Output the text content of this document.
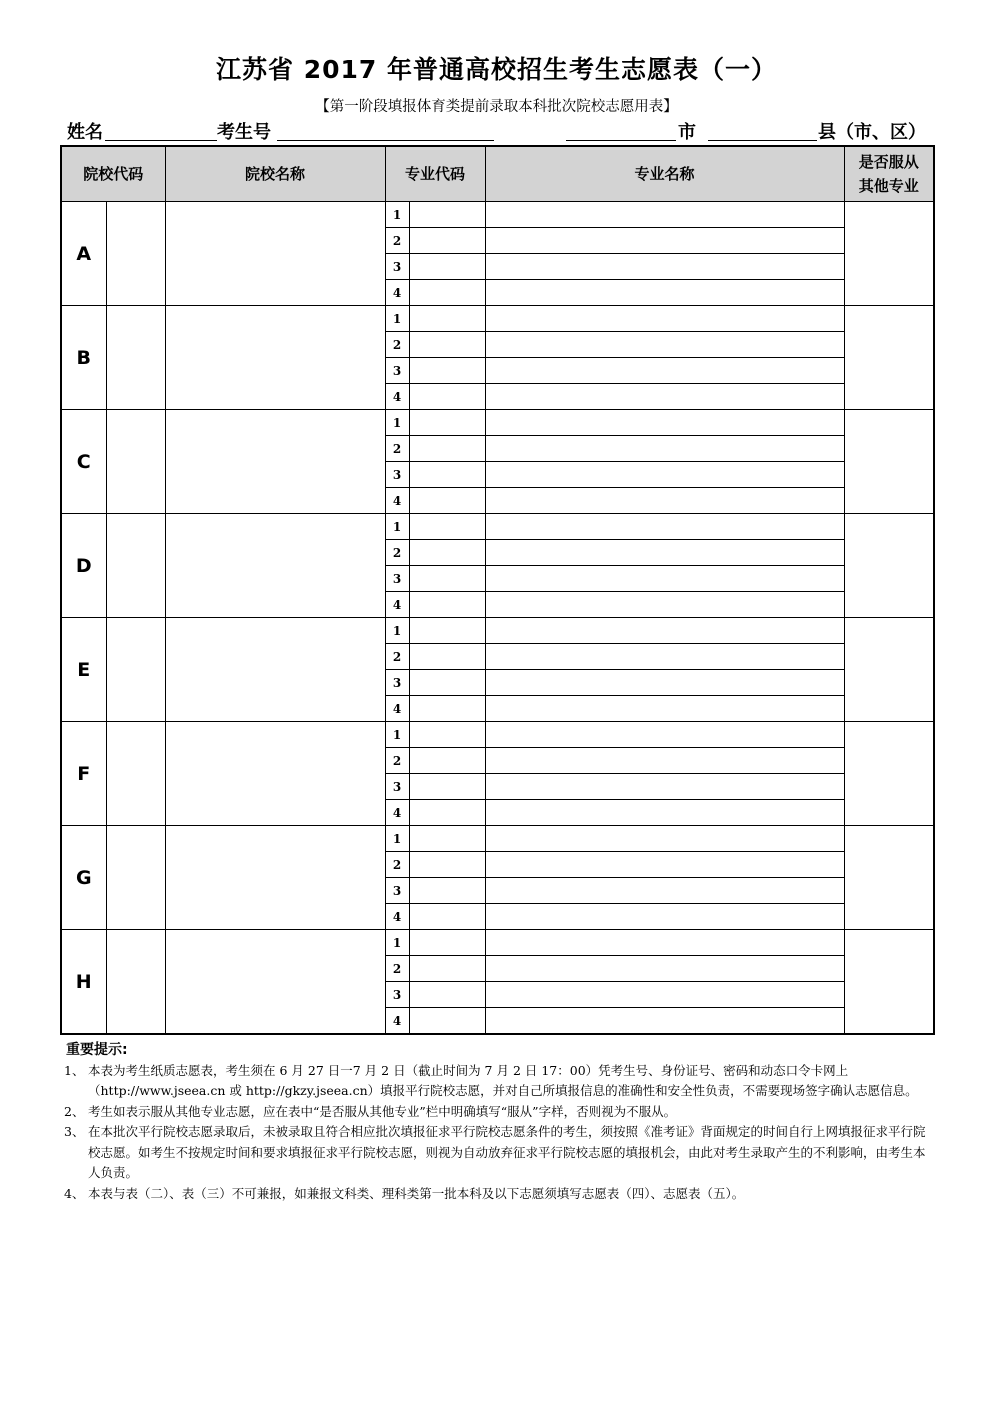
江苏省 2017 年普通高校招生考生志愿表（一）
【第一阶段填报体育类提前录取本科批次院校志愿用表】
姓名	考生号	市	县（市、区）
院校代码		院校名称	专业代码		专业名称	是否服从
其他专业

A			1			
			2			
			3			
			4			
B			1			
			2			
			3			
			4			
C			1			
			2			
			3			
			4			
D			1			
			2			
			3			
			4			
E			1			
			2			
			3			
			4			
F			1			
			2			
			3			
			4			
G			1			
			2			
			3			
			4			
H			1			
			2			
			3			
			4			
重要提示:
1、 本表为考生纸质志愿表，考生须在 6 月 27 日一7 月 2 日（截止时间为 7 月 2 日 17：00）凭考生号、身份证号、密码和动态口令卡网上（http://www.jseea.cn 或 http://gkzy.jseea.cn）填报平行院校志愿，并对自己所填报信息的准确性和安全性负责，不需要现场签字确认志愿信息。
2、 考生如表示服从其他专业志愿，应在表中“是否服从其他专业”栏中明确填写“服从”字样，否则视为不服从。
3、 在本批次平行院校志愿录取后，未被录取且符合相应批次填报征求平行院校志愿条件的考生，须按照《准考证》背面规定的时间自行上网填报征求平行院校志愿。如考生不按规定时间和要求填报征求平行院校志愿，则视为自动放弃征求平行院校志愿的填报机会，由此对考生录取产生的不利影响，由考生本人负责。
4、 本表与表（二）、表（三）不可兼报，如兼报文科类、理科类第一批本科及以下志愿须填写志愿表（四）、志愿表（五）。
